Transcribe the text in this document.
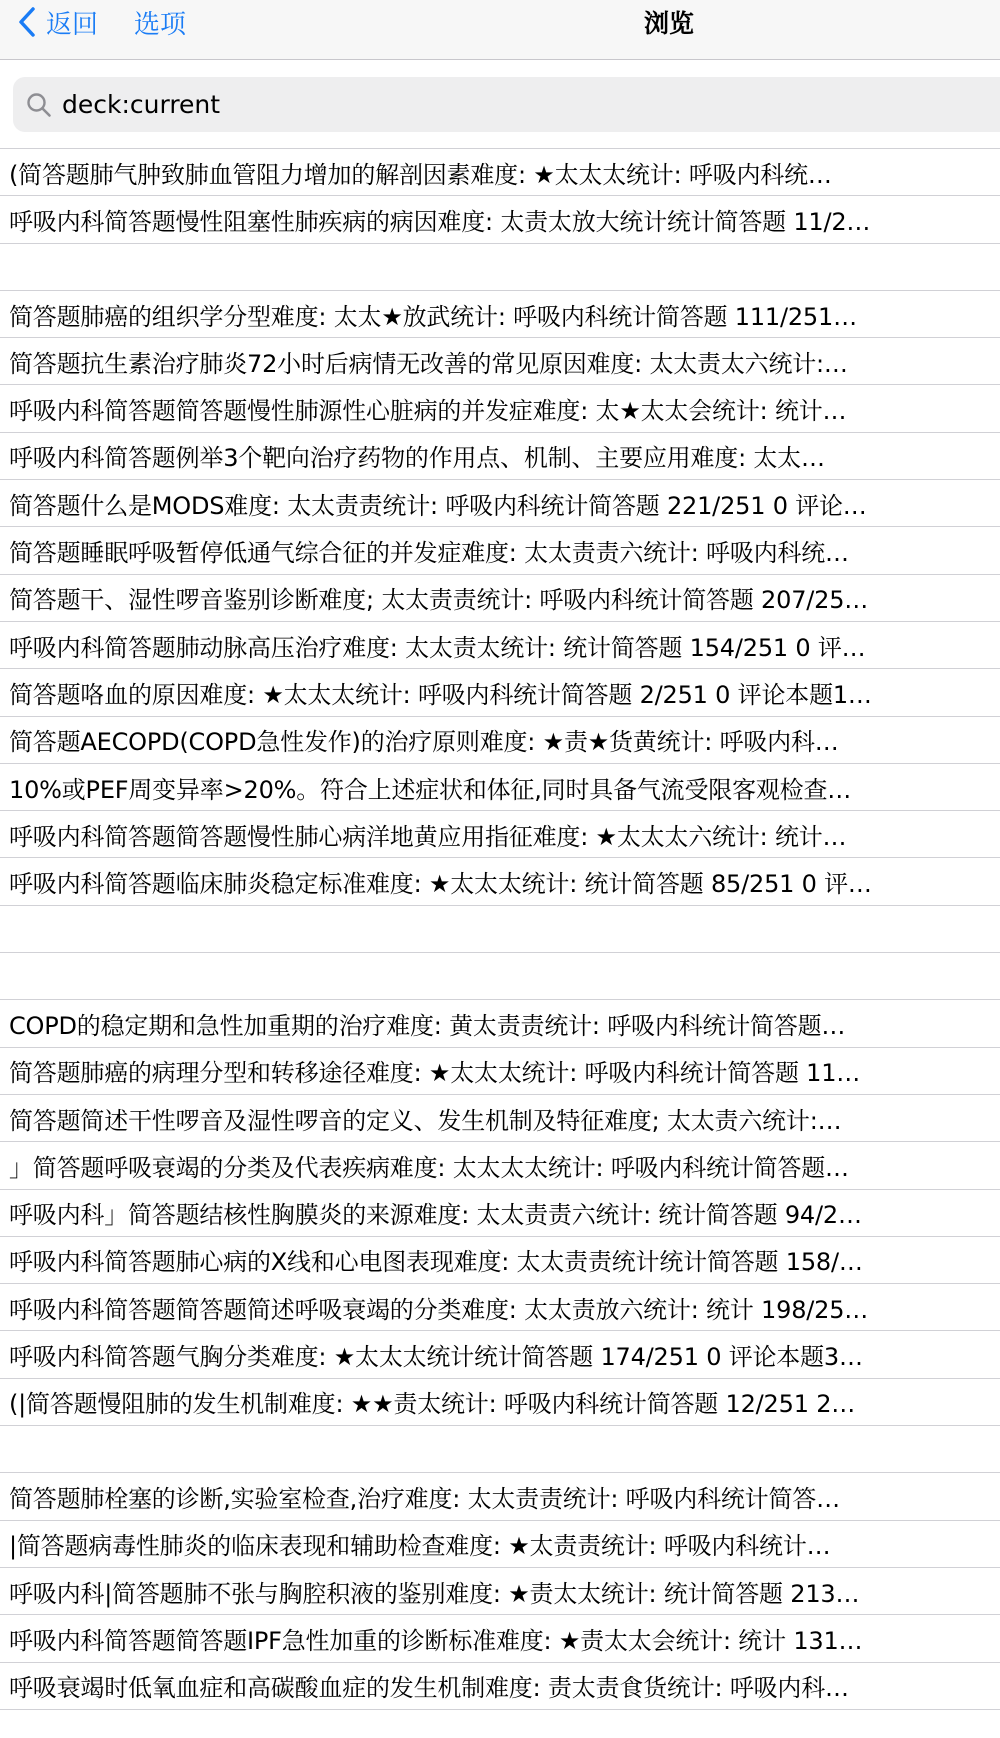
返回 选项	浏览
deck:current
(简答题肺气肿致肺血管阻力增加的解剖因素难度: ★太太太统计: 呼吸内科统…
呼吸内科简答题慢性阻塞性肺疾病的病因难度: 太责太放大统计统计简答题 11/2…
简答题肺癌的组织学分型难度: 太太★放武统计: 呼吸内科统计简答题 111/251…
简答题抗生素治疗肺炎72小时后病情无改善的常见原因难度: 太太责太六统计:…
呼吸内科简答题简答题慢性肺源性心脏病的并发症难度: 太★太太会统计: 统计…
呼吸内科简答题例举3个靶向治疗药物的作用点、机制、主要应用难度: 太太…
简答题什么是MODS难度: 太太责责统计: 呼吸内科统计简答题 221/251 0 评论…
简答题睡眠呼吸暂停低通气综合征的并发症难度: 太太责责六统计: 呼吸内科统…
简答题干、湿性啰音鉴别诊断难度; 太太责责统计: 呼吸内科统计简答题 207/25…
呼吸内科简答题肺动脉高压治疗难度: 太太责太统计: 统计简答题 154/251 0 评…
简答题咯血的原因难度: ★太太太统计: 呼吸内科统计简答题 2/251 0 评论本题1…
简答题AECOPD(COPD急性发作)的治疗原则难度: ★责★货黄统计: 呼吸内科…
10%或PEF周变异率>20%。符合上述症状和体征,同时具备气流受限客观检查…
呼吸内科简答题简答题慢性肺心病洋地黄应用指征难度: ★太太太六统计: 统计…
呼吸内科简答题临床肺炎稳定标准难度: ★太太太统计: 统计简答题 85/251 0 评…
COPD的稳定期和急性加重期的治疗难度: 黄太责责统计: 呼吸内科统计简答题…
简答题肺癌的病理分型和转移途径难度: ★太太太统计: 呼吸内科统计简答题 11…
简答题简述干性啰音及湿性啰音的定义、发生机制及特征难度; 太太责六统计:…
」简答题呼吸衰竭的分类及代表疾病难度: 太太太太统计: 呼吸内科统计简答题…
呼吸内科」简答题结核性胸膜炎的来源难度: 太太责责六统计: 统计简答题 94/2…
呼吸内科简答题肺心病的X线和心电图表现难度: 太太责责统计统计简答题 158/…
呼吸内科简答题简答题简述呼吸衰竭的分类难度: 太太责放六统计: 统计 198/25…
呼吸内科简答题气胸分类难度: ★太太太统计统计简答题 174/251 0 评论本题3…
(|简答题慢阻肺的发生机制难度: ★★责太统计: 呼吸内科统计简答题 12/251 2…
简答题肺栓塞的诊断,实验室检查,治疗难度: 太太责责统计: 呼吸内科统计简答…
|简答题病毒性肺炎的临床表现和辅助检查难度: ★太责责统计: 呼吸内科统计…
呼吸内科|简答题肺不张与胸腔积液的鉴别难度: ★责太太统计: 统计简答题 213…
呼吸内科简答题简答题IPF急性加重的诊断标准难度: ★责太太会统计: 统计 131…
呼吸衰竭时低氧血症和高碳酸血症的发生机制难度: 责太责食货统计: 呼吸内科…
